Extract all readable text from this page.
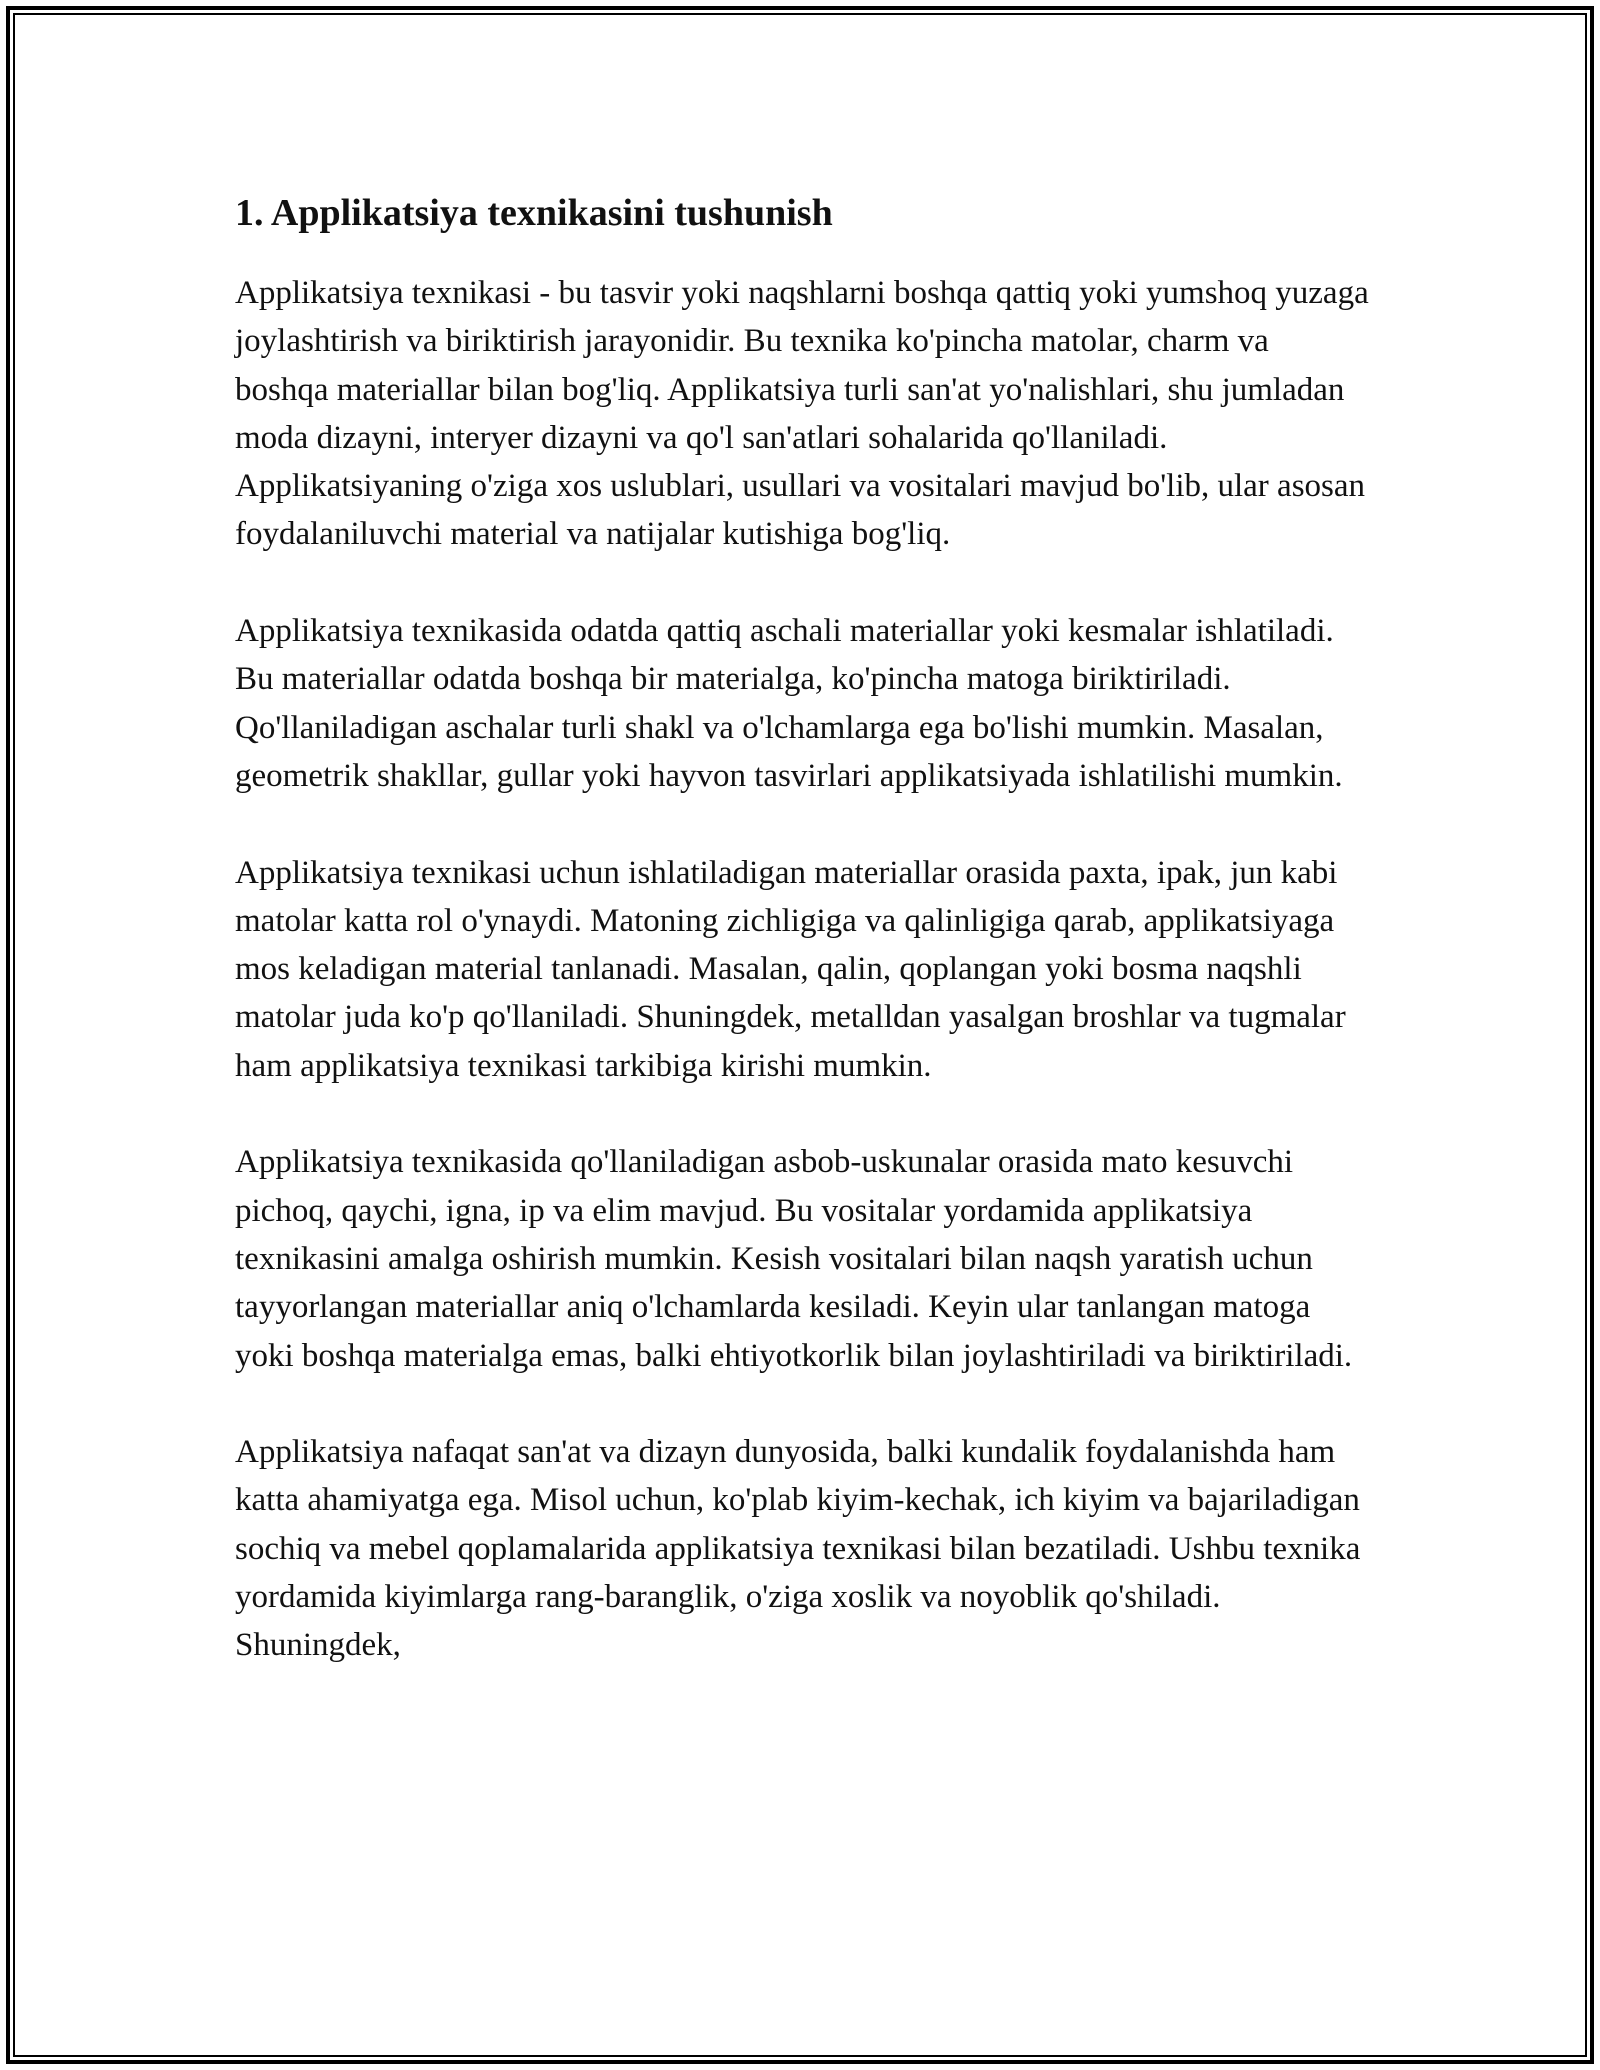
1. Applikatsiya texnikasini tushunish

Applikatsiya texnikasi - bu tasvir yoki naqshlarni boshqa qattiq yoki yumshoq yuzaga joylashtirish va biriktirish jarayonidir. Bu texnika ko'pincha matolar, charm va boshqa materiallar bilan bog'liq. Applikatsiya turli san'at yo'nalishlari, shu jumladan moda dizayni, interyer dizayni va qo'l san'atlari sohalarida qo'llaniladi. Applikatsiyaning o'ziga xos uslublari, usullari va vositalari mavjud bo'lib, ular asosan foydalaniluvchi material va natijalar kutishiga bog'liq.

Applikatsiya texnikasida odatda qattiq aschali materiallar yoki kesmalar ishlatiladi. Bu materiallar odatda boshqa bir materialga, ko'pincha matoga biriktiriladi. Qo'llaniladigan aschalar turli shakl va o'lchamlarga ega bo'lishi mumkin. Masalan, geometrik shakllar, gullar yoki hayvon tasvirlari applikatsiyada ishlatilishi mumkin.

Applikatsiya texnikasi uchun ishlatiladigan materiallar orasida paxta, ipak, jun kabi matolar katta rol o'ynaydi. Matoning zichligiga va qalinligiga qarab, applikatsiyaga mos keladigan material tanlanadi. Masalan, qalin, qoplangan yoki bosma naqshli matolar juda ko'p qo'llaniladi. Shuningdek, metalldan yasalgan broshlar va tugmalar ham applikatsiya texnikasi tarkibiga kirishi mumkin.

Applikatsiya texnikasida qo'llaniladigan asbob-uskunalar orasida mato kesuvchi pichoq, qaychi, igna, ip va elim mavjud. Bu vositalar yordamida applikatsiya texnikasini amalga oshirish mumkin. Kesish vositalari bilan naqsh yaratish uchun tayyorlangan materiallar aniq o'lchamlarda kesiladi. Keyin ular tanlangan matoga yoki boshqa materialga emas, balki ehtiyotkorlik bilan joylashtiriladi va biriktiriladi.

Applikatsiya nafaqat san'at va dizayn dunyosida, balki kundalik foydalanishda ham katta ahamiyatga ega. Misol uchun, ko'plab kiyim-kechak, ich kiyim va bajariladigan sochiq va mebel qoplamalarida applikatsiya texnikasi bilan bezatiladi. Ushbu texnika yordamida kiyimlarga rang-baranglik, o'ziga xoslik va noyoblik qo'shiladi. Shuningdek,
